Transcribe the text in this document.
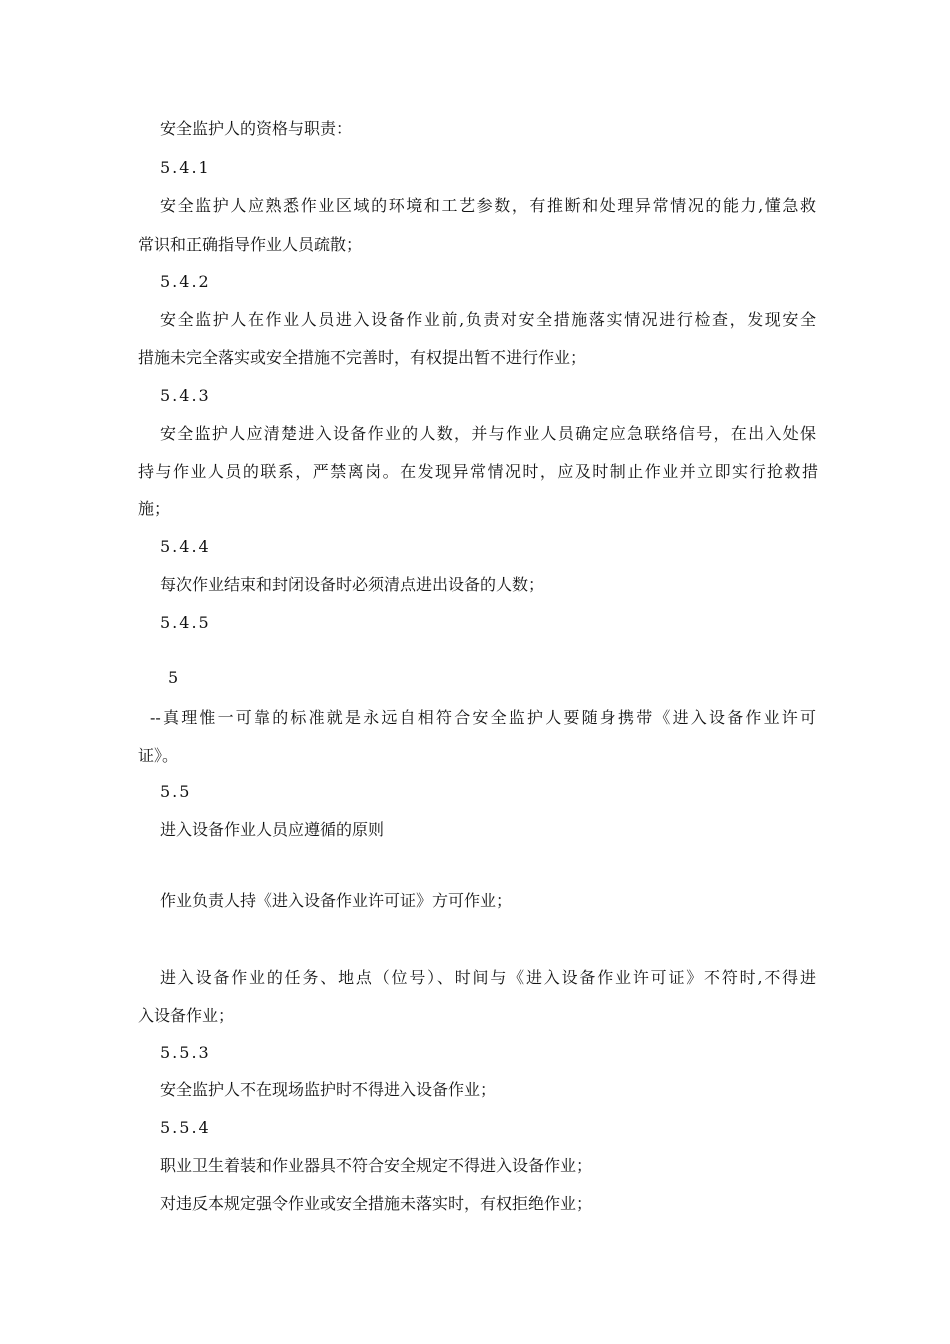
安全监护人的资格与职责：
5.4.1
安全监护人应熟悉作业区域的环境和工艺参数，有推断和处理异常情况的能力,懂急救
常识和正确指导作业人员疏散；
5.4.2
安全监护人在作业人员进入设备作业前,负责对安全措施落实情况进行检查，发现安全
措施未完全落实或安全措施不完善时，有权提出暂不进行作业；
5.4.3
安全监护人应清楚进入设备作业的人数，并与作业人员确定应急联络信号，在出入处保
持与作业人员的联系，严禁离岗。在发现异常情况时，应及时制止作业并立即实行抢救措
施；
5.4.4
每次作业结束和封闭设备时必须清点进出设备的人数；
5.4.5
5
--真理惟一可靠的标准就是永远自相符合安全监护人要随身携带《进入设备作业许可
证》。
5.5
进入设备作业人员应遵循的原则
作业负责人持《进入设备作业许可证》方可作业；
进入设备作业的任务、地点（位号）、时间与《进入设备作业许可证》不符时,不得进
入设备作业；
5.5.3
安全监护人不在现场监护时不得进入设备作业；
5.5.4
职业卫生着装和作业器具不符合安全规定不得进入设备作业；
对违反本规定强令作业或安全措施未落实时，有权拒绝作业；
